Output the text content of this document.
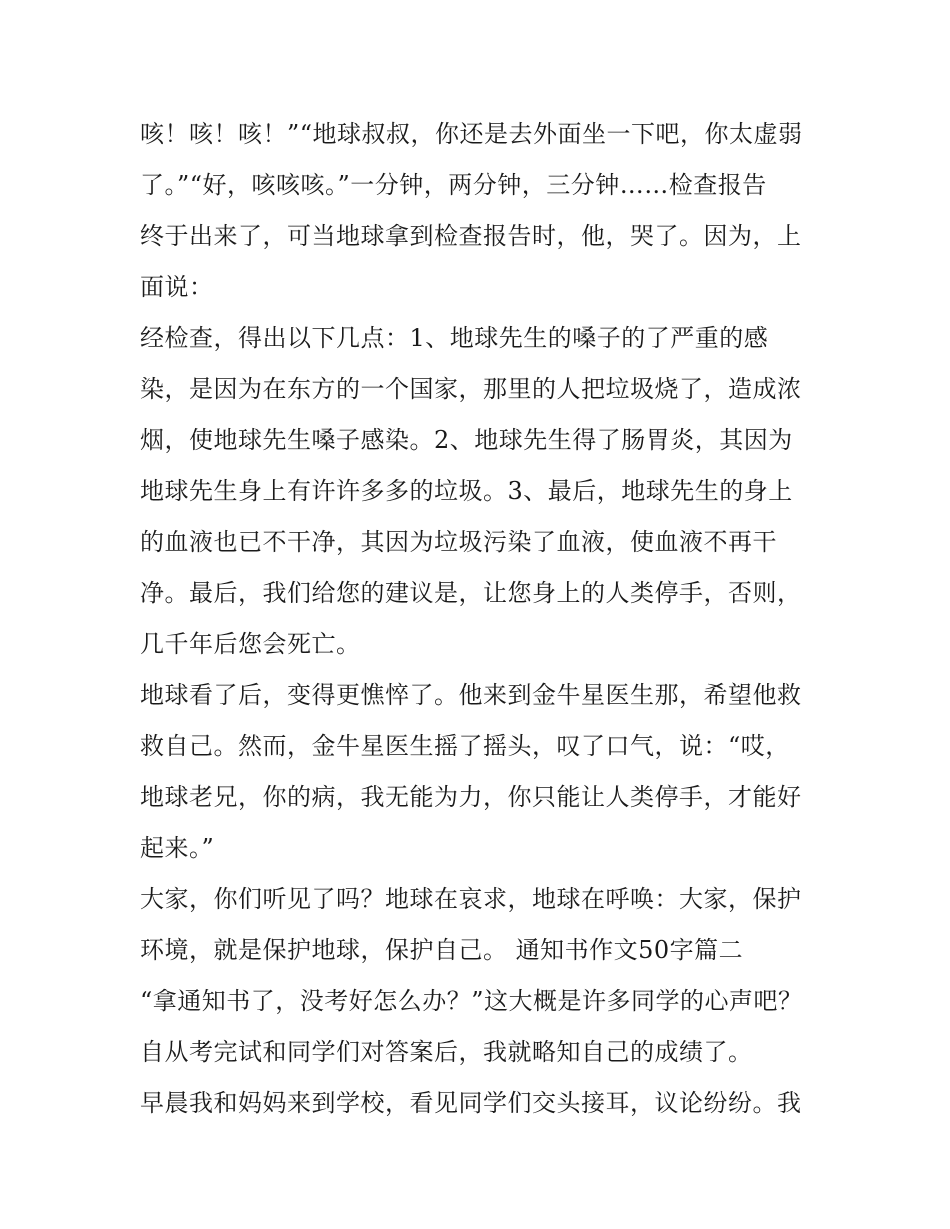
咳！咳！咳！”“地球叔叔，你还是去外面坐一下吧，你太虚弱
了。”“好，咳咳咳。”一分钟，两分钟，三分钟……检查报告
终于出来了，可当地球拿到检查报告时，他，哭了。因为，上
面说：
经检查，得出以下几点：1、地球先生的嗓子的了严重的感
染，是因为在东方的一个国家，那里的人把垃圾烧了，造成浓
烟，使地球先生嗓子感染。2、地球先生得了肠胃炎，其因为
地球先生身上有许许多多的垃圾。3、最后，地球先生的身上
的血液也已不干净，其因为垃圾污染了血液，使血液不再干
净。最后，我们给您的建议是，让您身上的人类停手，否则，
几千年后您会死亡。
地球看了后，变得更憔悴了。他来到金牛星医生那，希望他救
救自己。然而，金牛星医生摇了摇头，叹了口气，说：“哎，
地球老兄，你的病，我无能为力，你只能让人类停手，才能好
起来。”
大家，你们听见了吗？地球在哀求，地球在呼唤：大家，保护
环境，就是保护地球，保护自己。 通知书作文50字篇二
“拿通知书了，没考好怎么办？”这大概是许多同学的心声吧？
自从考完试和同学们对答案后，我就略知自己的成绩了。
早晨我和妈妈来到学校，看见同学们交头接耳，议论纷纷。我
